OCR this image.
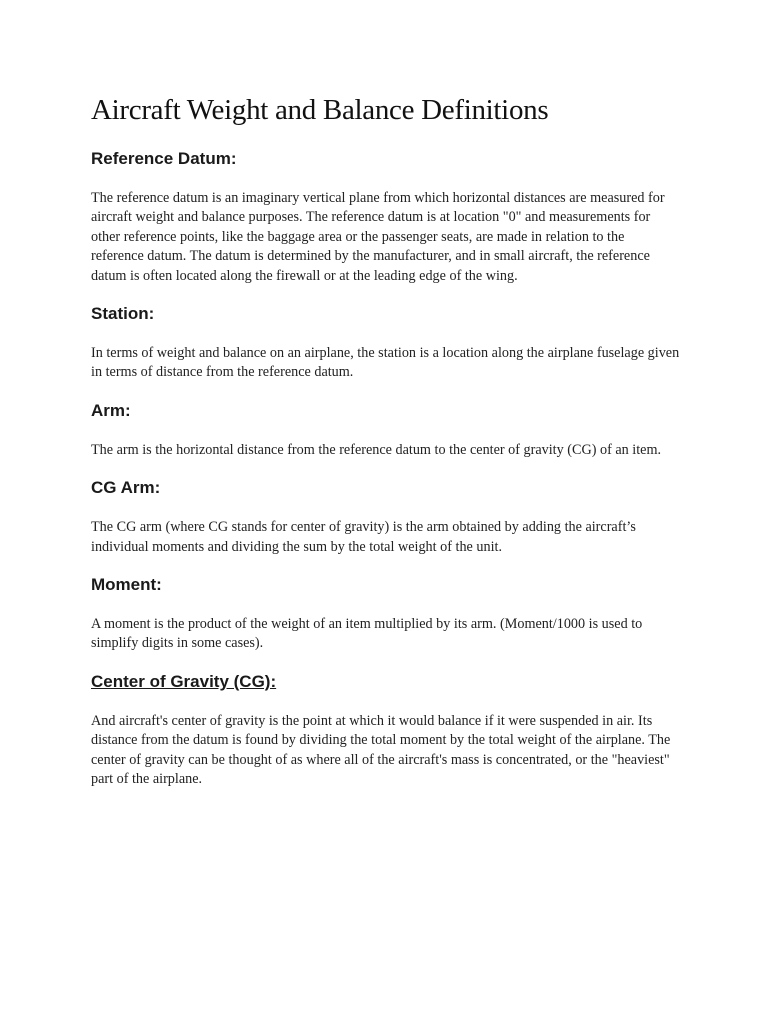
Aircraft Weight and Balance Definitions
Reference Datum:

The reference datum is an imaginary vertical plane from which horizontal distances are measured for aircraft weight and balance purposes. The reference datum is at location "0" and measurements for other reference points, like the baggage area or the passenger seats, are made in relation to the reference datum. The datum is determined by the manufacturer, and in small aircraft, the reference datum is often located along the firewall or at the leading edge of the wing.

Station:

In terms of weight and balance on an airplane, the station is a location along the airplane fuselage given in terms of distance from the reference datum.

Arm:

The arm is the horizontal distance from the reference datum to the center of gravity (CG) of an item.

CG Arm:

The CG arm (where CG stands for center of gravity) is the arm obtained by adding the aircraft’s individual moments and dividing the sum by the total weight of the unit.

Moment:

A moment is the product of the weight of an item multiplied by its arm. (Moment/1000 is used to simplify digits in some cases).

Center of Gravity (CG):

And aircraft's center of gravity is the point at which it would balance if it were suspended in air. Its distance from the datum is found by dividing the total moment by the total weight of the airplane. The center of gravity can be thought of as where all of the aircraft's mass is concentrated, or the "heaviest" part of the airplane.
